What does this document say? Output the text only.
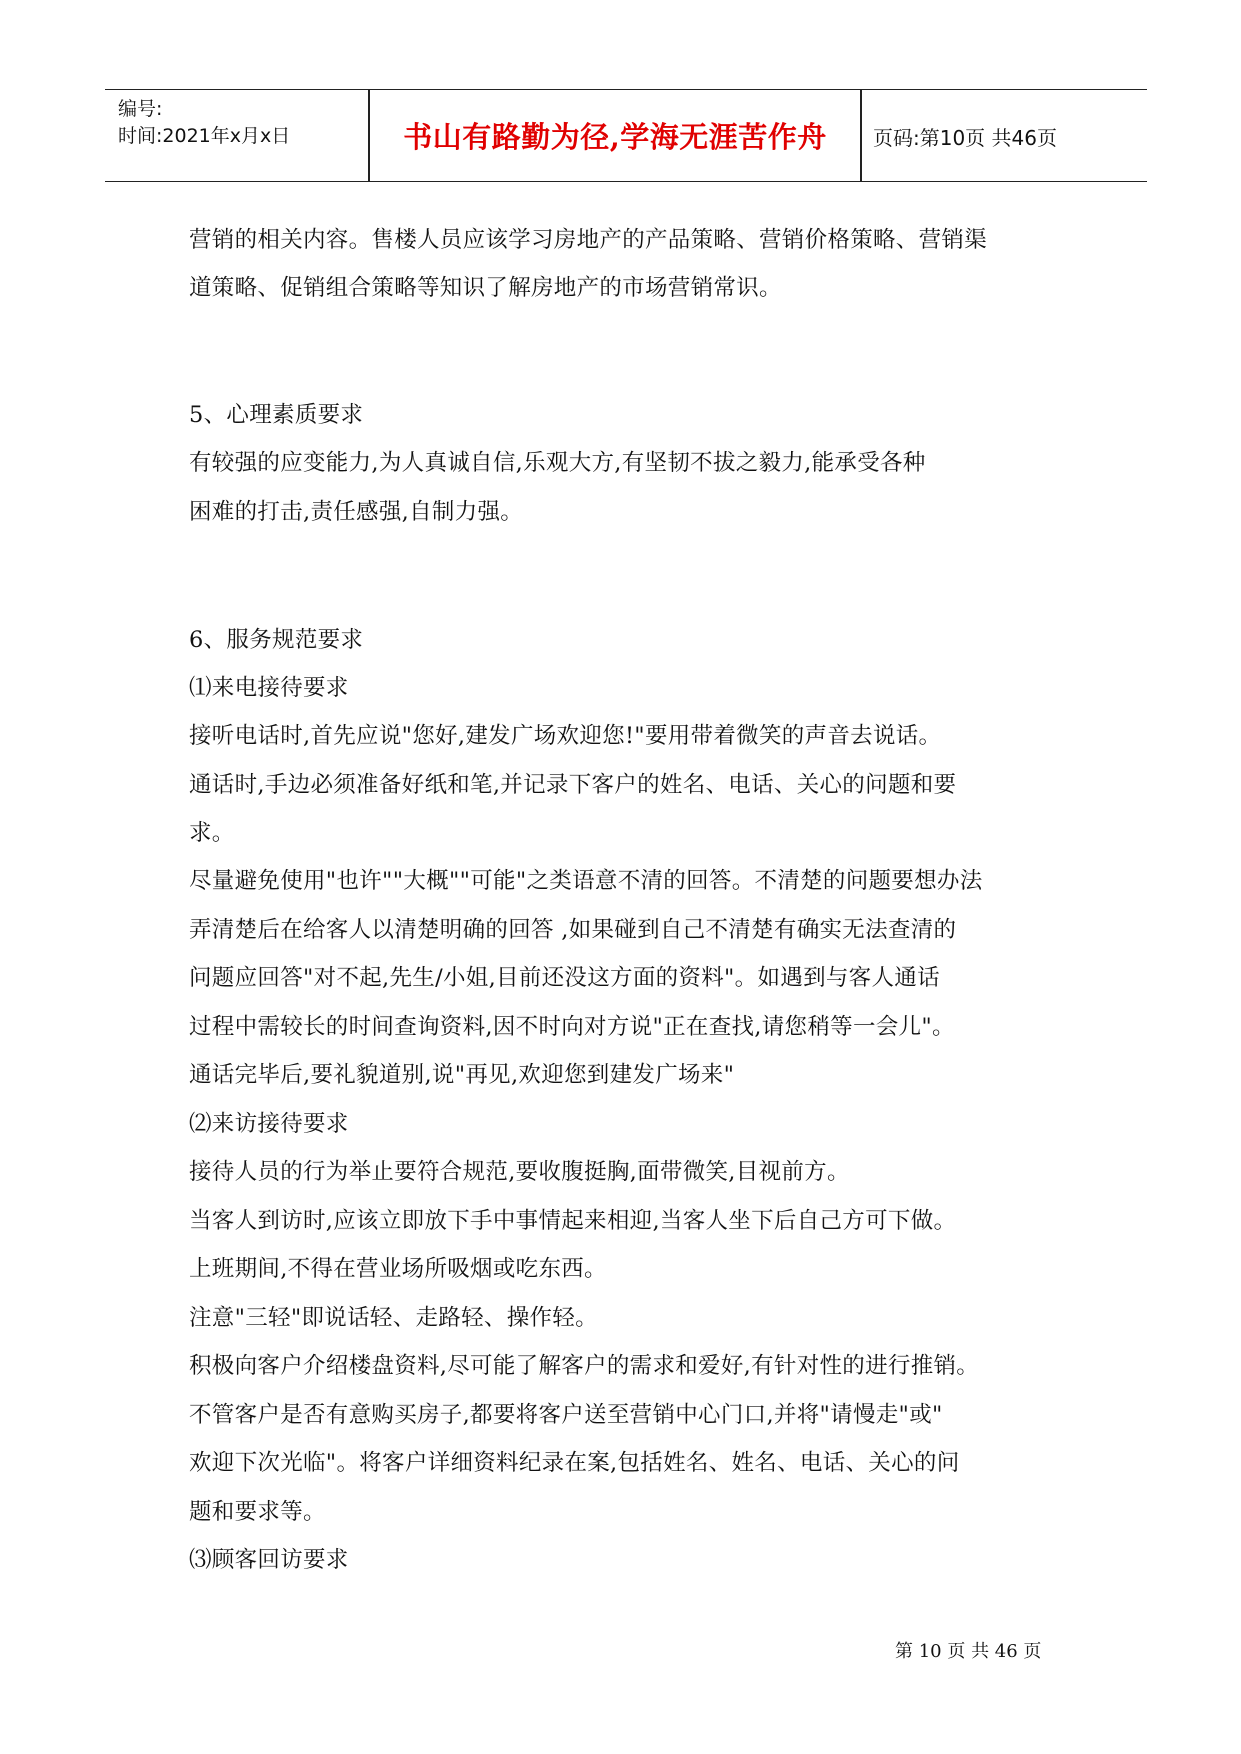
编号:
时间:2021年x月x日	书山有路勤为径,学海无涯苦作舟	页码:第10页 共46页
营销的相关内容。售楼人员应该学习房地产的产品策略、营销价格策略、营销渠
道策略、促销组合策略等知识了解房地产的市场营销常识。
5、心理素质要求
有较强的应变能力,为人真诚自信,乐观大方,有坚韧不拔之毅力,能承受各种
困难的打击,责任感强,自制力强。
6、服务规范要求
⑴来电接待要求
接听电话时,首先应说"您好,建发广场欢迎您!"要用带着微笑的声音去说话。
通话时,手边必须准备好纸和笔,并记录下客户的姓名、电话、关心的问题和要
求。
尽量避免使用"也许""大概""可能"之类语意不清的回答。不清楚的问题要想办法
弄清楚后在给客人以清楚明确的回答 ,如果碰到自己不清楚有确实无法查清的
问题应回答"对不起,先生/小姐,目前还没这方面的资料"。如遇到与客人通话
过程中需较长的时间查询资料,因不时向对方说"正在查找,请您稍等一会儿"。
通话完毕后,要礼貌道别,说"再见,欢迎您到建发广场来"
⑵来访接待要求
接待人员的行为举止要符合规范,要收腹挺胸,面带微笑,目视前方。
当客人到访时,应该立即放下手中事情起来相迎,当客人坐下后自己方可下做。
上班期间,不得在营业场所吸烟或吃东西。
注意"三轻"即说话轻、走路轻、操作轻。
积极向客户介绍楼盘资料,尽可能了解客户的需求和爱好,有针对性的进行推销。
不管客户是否有意购买房子,都要将客户送至营销中心门口,并将"请慢走"或"
欢迎下次光临"。将客户详细资料纪录在案,包括姓名、姓名、电话、关心的问
题和要求等。
⑶顾客回访要求
第 10 页 共 46 页
